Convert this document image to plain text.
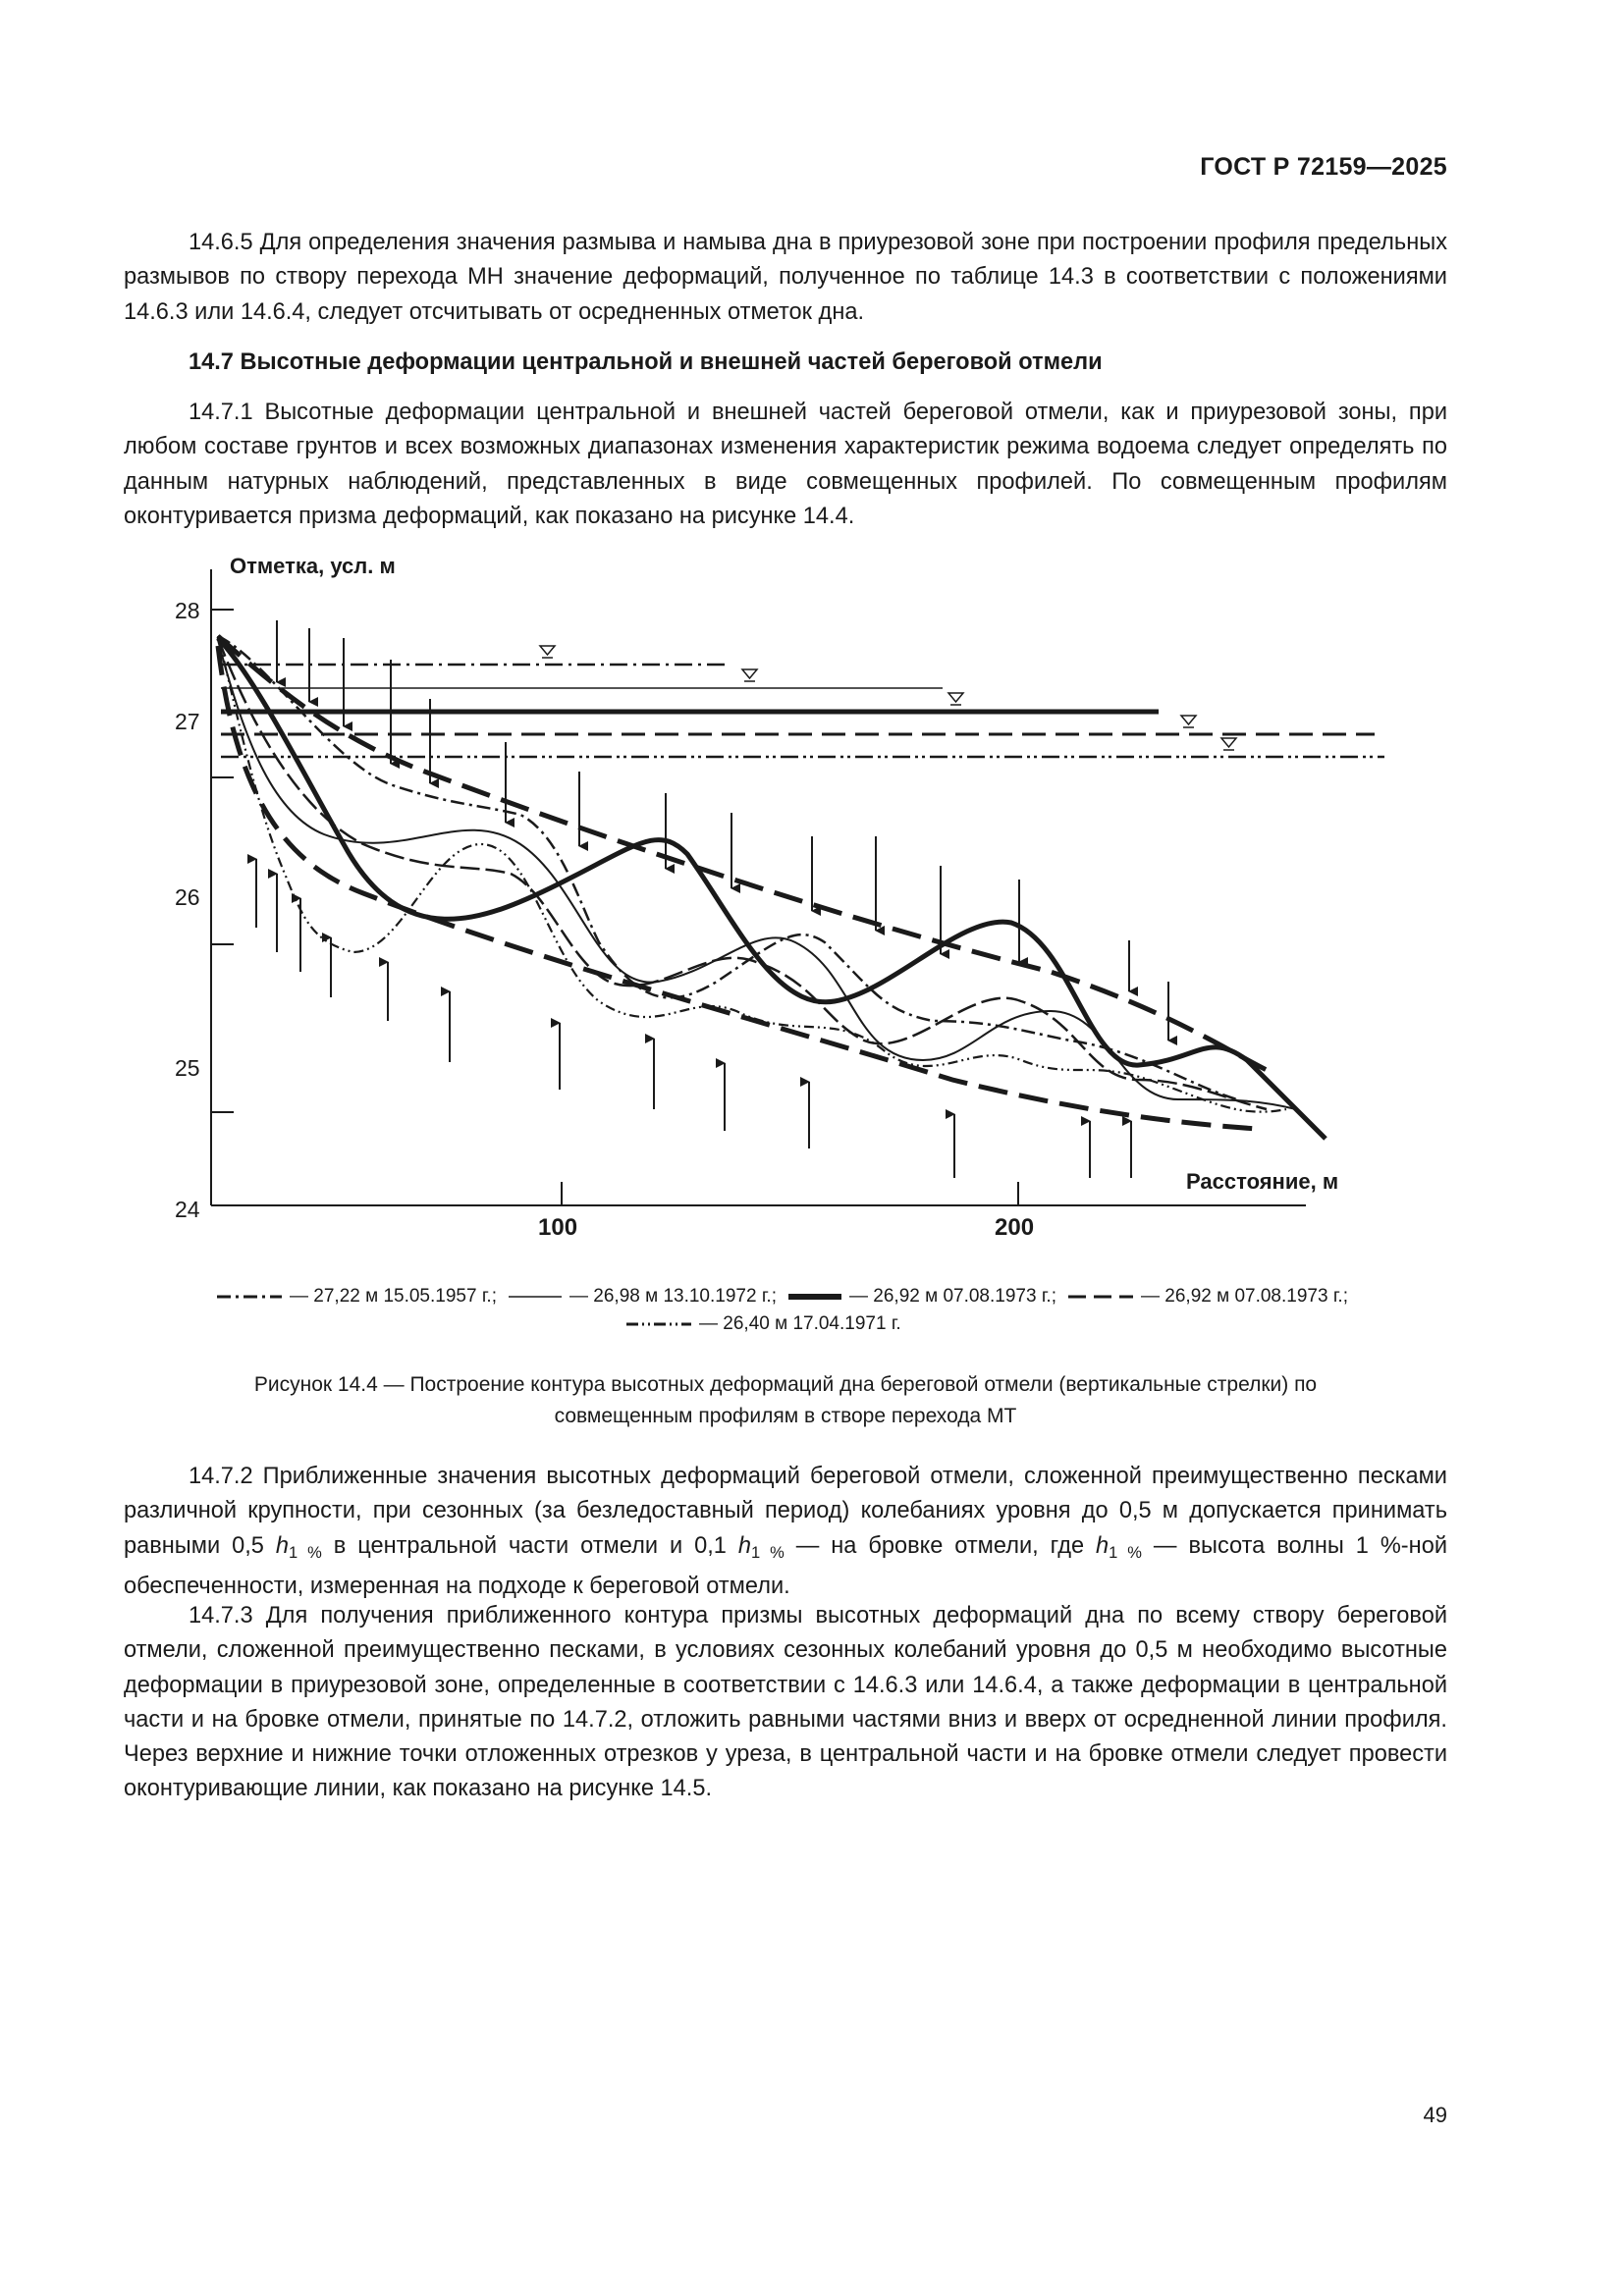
ГОСТ Р 72159—2025

14.6.5 Для определения значения размыва и намыва дна в приурезовой зоне при построении профиля предельных размывов по створу перехода МН значение деформаций, полученное по таблице 14.3 в соответствии с положениями 14.6.3 или 14.6.4, следует отсчитывать от осредненных отметок дна.

14.7 Высотные деформации центральной и внешней частей береговой отмели

14.7.1 Высотные деформации центральной и внешней частей береговой отмели, как и приурезовой зоны, при любом составе грунтов и всех возможных диапазонах изменения характеристик режима водоема следует определять по данным натурных наблюдений, представленных в виде совмещенных профилей. По совмещенным профилям оконтуривается призма деформаций, как показано на рисунке 14.4.

Отметка, усл. м
Расстояние, м
28
27
26
25
24
100	200
— 27,22 м 15.05.1957 г.;	— 26,98 м 13.10.1972 г.;	— 26,92 м 07.08.1973 г.;	— 26,92 м 07.08.1973 г.;
— 26,40 м 17.04.1971 г.
Рисунок 14.4 — Построение контура высотных деформаций дна береговой отмели (вертикальные стрелки) по
совмещенным профилям в створе перехода МТ

14.7.2 Приближенные значения высотных деформаций береговой отмели, сложенной преимущественно песками различной крупности, при сезонных (за безледоставный период) колебаниях уровня до 0,5 м допускается принимать равными 0,5 $h_{1 \%}$ в центральной части отмели и 0,1 $h_{1 \%}$ — на бровке отмели, где $h_{1 \%}$ — высота волны 1 %-ной обеспеченности, измеренная на подходе к береговой отмели.

14.7.3 Для получения приближенного контура призмы высотных деформаций дна по всему створу береговой отмели, сложенной преимущественно песками, в условиях сезонных колебаний уровня до 0,5 м необходимо высотные деформации в приурезовой зоне, определенные в соответствии с 14.6.3 или 14.6.4, а также деформации в центральной части и на бровке отмели, принятые по 14.7.2, отложить равными частями вниз и вверх от осредненной линии профиля. Через верхние и нижние точки отложенных отрезков у уреза, в центральной части и на бровке отмели следует провести оконтуривающие линии, как показано на рисунке 14.5.

49
